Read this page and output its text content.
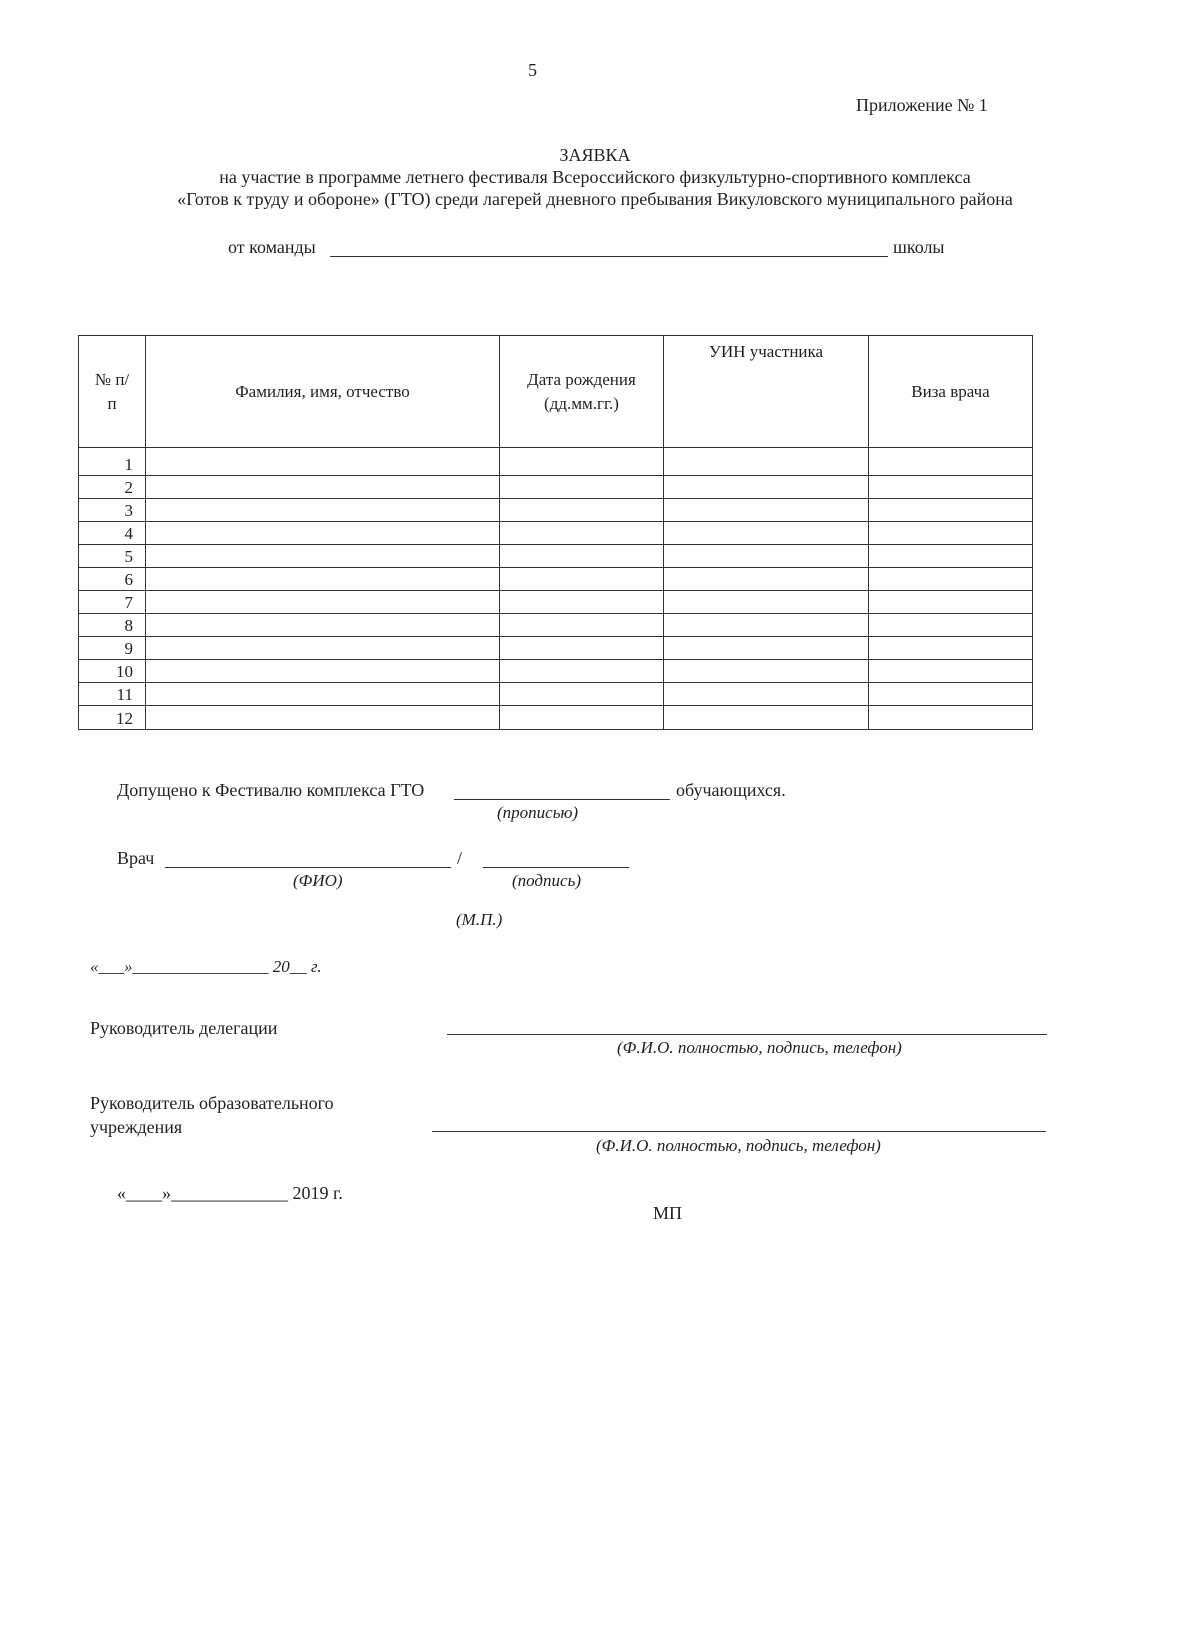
5
Приложение № 1
ЗАЯВКА
на участие в программе летнего фестиваля Всероссийского физкультурно-спортивного комплекса
«Готов к труду и обороне» (ГТО) среди лагерей дневного пребывания Викуловского муниципального района
от команды	школы
№ п/п	Фамилия, имя, отчество	Дата рождения (дд.мм.гг.)	УИН участника	Виза врача
1				
2				
3				
4				
5				
6				
7				
8				
9				
10				
11				
12				
Допущено к Фестивалю комплекса ГТО	обучающихся.
(прописью)
Врач	/
(ФИО)	(подпись)
(М.П.)
«___»________________ 20__ г.
Руководитель делегации
(Ф.И.О. полностью, подпись, телефон)
Руководитель образовательного
учреждения
(Ф.И.О. полностью, подпись, телефон)
«____»_____________ 2019 г.
МП
